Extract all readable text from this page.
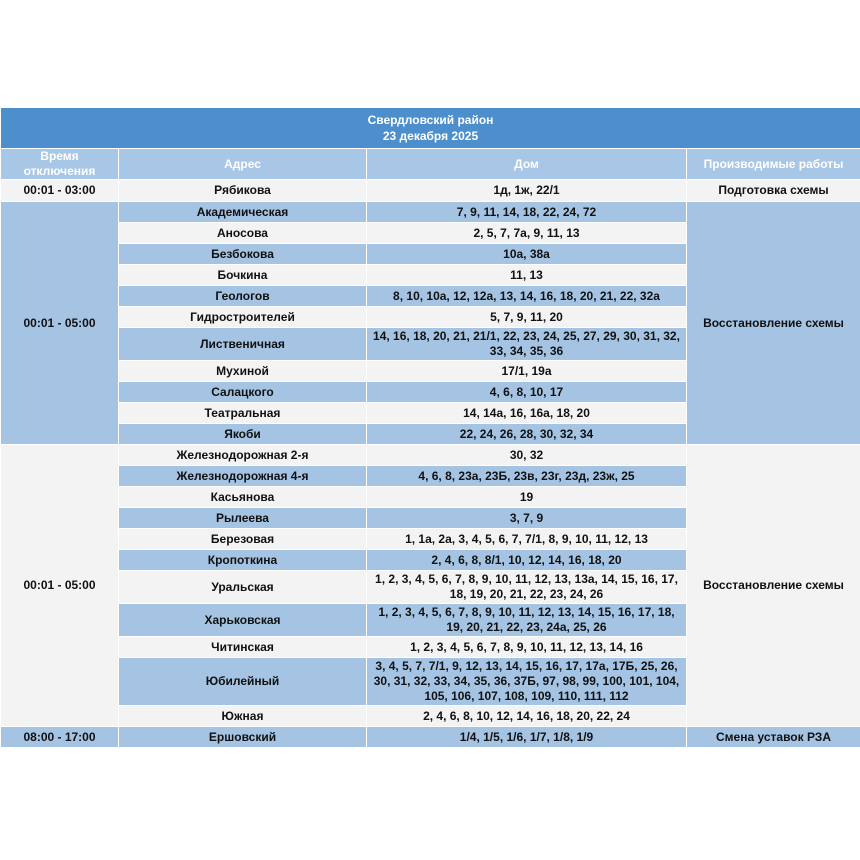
Свердловский район
23 декабря 2025			

Время отключения	Адрес	Дом	Производимые работы
00:01 - 03:00	Рябикова	1д, 1ж, 22/1	Подготовка схемы
00:01 - 05:00	Академическая	7, 9, 11, 14, 18, 22, 24, 72	Восстановление схемы
	Аносова	2, 5, 7, 7а, 9, 11, 13	
	Безбокова	10а, 38а	
	Бочкина	11, 13	
	Геологов	8, 10, 10а, 12, 12а, 13, 14, 16, 18, 20, 21, 22, 32а	
	Гидростроителей	5, 7, 9, 11, 20	
	Лиственичная	14, 16, 18, 20, 21, 21/1, 22, 23, 24, 25, 27, 29, 30, 31, 32, 33, 34, 35, 36	
	Мухиной	17/1, 19а	
	Салацкого	4, 6, 8, 10, 17	
	Театральная	14, 14а, 16, 16а, 18, 20	
	Якоби	22, 24, 26, 28, 30, 32, 34	
00:01 - 05:00	Железнодорожная 2-я	30, 32	Восстановление схемы
	Железнодорожная 4-я	4, 6, 8, 23а, 23Б, 23в, 23г, 23д, 23ж, 25	
	Касьянова	19	
	Рылеева	3, 7, 9	
	Березовая	1, 1а, 2а, 3, 4, 5, 6, 7, 7/1, 8, 9, 10, 11, 12, 13	
	Кропоткина	2, 4, 6, 8, 8/1, 10, 12, 14, 16, 18, 20	
	Уральская	1, 2, 3, 4, 5, 6, 7, 8, 9, 10, 11, 12, 13, 13а, 14, 15, 16, 17, 18, 19, 20, 21, 22, 23, 24, 26	
	Харьковская	1, 2, 3, 4, 5, 6, 7, 8, 9, 10, 11, 12, 13, 14, 15, 16, 17, 18, 19, 20, 21, 22, 23, 24а, 25, 26	
	Читинская	1, 2, 3, 4, 5, 6, 7, 8, 9, 10, 11, 12, 13, 14, 16	
	Юбилейный	3, 4, 5, 7, 7/1, 9, 12, 13, 14, 15, 16, 17, 17а, 17Б, 25, 26, 30, 31, 32, 33, 34, 35, 36, 37Б, 97, 98, 99, 100, 101, 104, 105, 106, 107, 108, 109, 110, 111, 112	
	Южная	2, 4, 6, 8, 10, 12, 14, 16, 18, 20, 22, 24	
08:00 - 17:00	Ершовский	1/4, 1/5, 1/6, 1/7, 1/8, 1/9	Смена уставок РЗА
